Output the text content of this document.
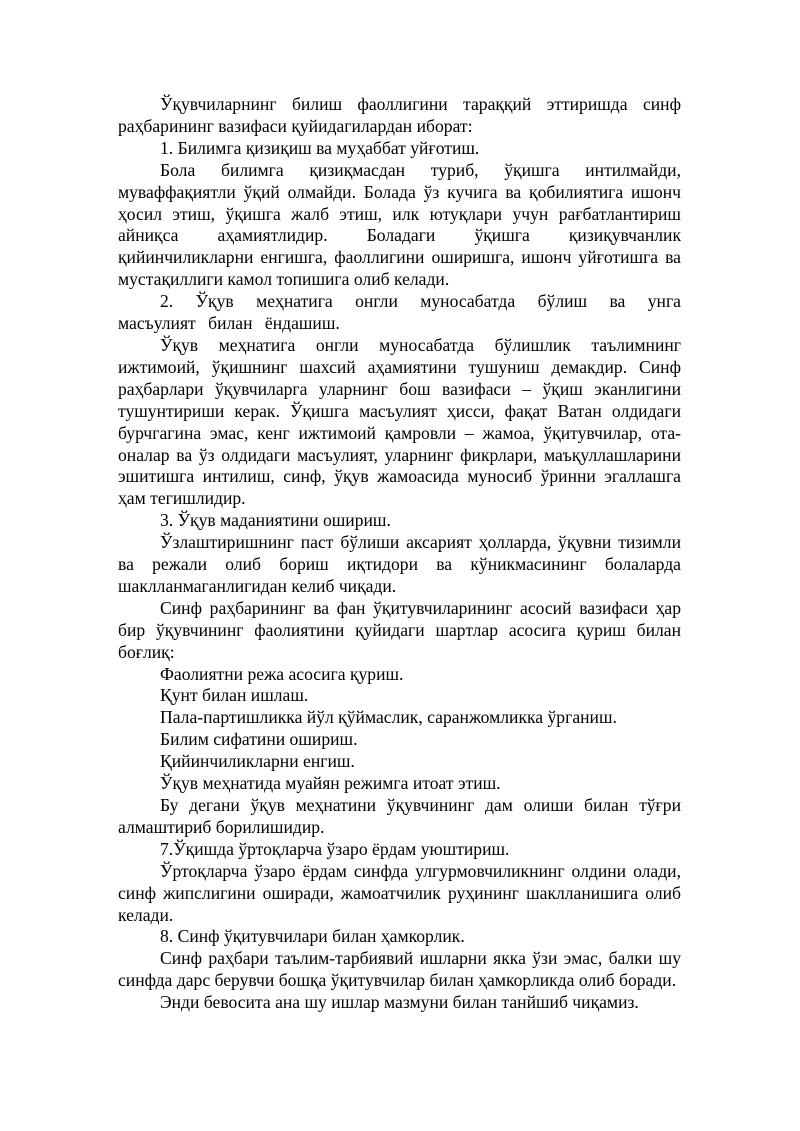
Ўқувчиларнинг билиш фаоллигини тараққий эттиришда синф раҳбарининг вазифаси қуйидагилардан иборат:

1. Билимга қизиқиш ва муҳаббат уйғотиш.

Бола билимга қизиқмасдан туриб, ўқишга интилмайди, муваффақиятли ўқий олмайди. Болада ўз кучига ва қобилиятига ишонч ҳосил этиш, ўқишга жалб этиш, илк ютуқлари учун рағбатлантириш айниқса аҳамиятлидир. Боладаги ўқишга қизиқувчанлик қийинчиликларни енгишга, фаоллигини оширишга, ишонч уйғотишга ва мустақиллиги камол топишига олиб келади.

2. Ўқув меҳнатига онгли муносабатда бўлиш ва унга масъулият билан ёндашиш.

Ўқув меҳнатига онгли муносабатда бўлишлик таълимнинг ижтимоий, ўқишнинг шахсий аҳамиятини тушуниш демакдир. Синф раҳбарлари ўқувчиларга уларнинг бош вазифаси – ўқиш эканлигини тушунтириши керак. Ўқишга масъулият ҳисси, фақат Ватан олдидаги бурчгагина эмас, кенг ижтимоий қамровли – жамоа, ўқитувчилар, ота-оналар ва ўз олдидаги масъулият, уларнинг фикрлари, маъқуллашларини эшитишга интилиш, синф, ўқув жамоасида муносиб ўринни эгаллашга ҳам тегишлидир.

3. Ўқув маданиятини ошириш.

Ўзлаштиришнинг паст бўлиши аксарият ҳолларда, ўқувни тизимли ва режали олиб бориш иқтидори ва кўникмасининг болаларда шаклланмаганлигидан келиб чиқади.

Синф раҳбарининг ва фан ўқитувчиларининг асосий вазифаси ҳар бир ўқувчининг фаолиятини қуйидаги шартлар асосига қуриш билан боғлиқ:

Фаолиятни режа асосига қуриш.

Қунт билан ишлаш.

Пала-партишликка йўл қўймаслик, саранжомликка ўрганиш.

Билим сифатини ошириш.

Қийинчиликларни енгиш.

Ўқув меҳнатида муайян режимга итоат этиш.

Бу дегани ўқув меҳнатини ўқувчининг дам олиши билан тўғри алмаштириб борилишидир.

7.Ўқишда ўртоқларча ўзаро ёрдам уюштириш.

Ўртоқларча ўзаро ёрдам синфда улгурмовчиликнинг олдини олади, синф жипслигини оширади, жамоатчилик руҳининг шаклланишига олиб келади.

8. Синф ўқитувчилари билан ҳамкорлик.

Синф раҳбари таълим-тарбиявий ишларни якка ўзи эмас, балки шу синфда дарс берувчи бошқа ўқитувчилар билан ҳамкорликда олиб боради.

Энди бевосита ана шу ишлар мазмуни билан танйшиб чиқамиз.
